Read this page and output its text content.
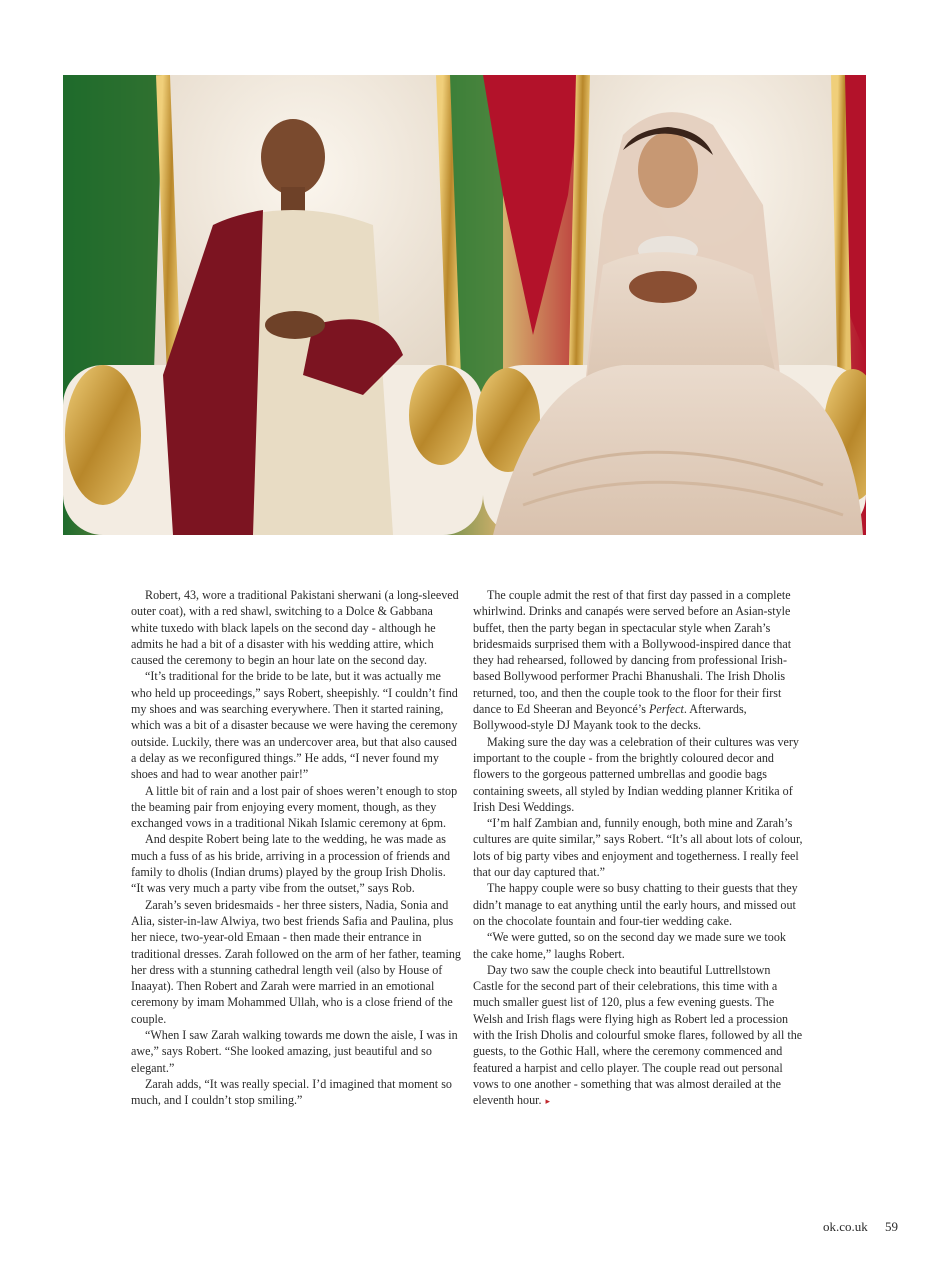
Robert, 43, wore a traditional Pakistani sherwani (a long-sleeved outer coat), with a red shawl, switching to a Dolce & Gabbana white tuxedo with black lapels on the second day - although he admits he had a bit of a disaster with his wedding attire, which caused the ceremony to begin an hour late on the second day.

“It’s traditional for the bride to be late, but it was actually me who held up proceedings,” says Robert, sheepishly. “I couldn’t find my shoes and was searching everywhere. Then it started raining, which was a bit of a disaster because we were having the ceremony outside. Luckily, there was an undercover area, but that also caused a delay as we reconfigured things.” He adds, “I never found my shoes and had to wear another pair!”

A little bit of rain and a lost pair of shoes weren’t enough to stop the beaming pair from enjoying every moment, though, as they exchanged vows in a traditional Nikah Islamic ceremony at 6pm.

And despite Robert being late to the wedding, he was made as much a fuss of as his bride, arriving in a procession of friends and family to dholis (Indian drums) played by the group Irish Dholis. “It was very much a party vibe from the outset,” says Rob.

Zarah’s seven bridesmaids - her three sisters, Nadia, Sonia and Alia, sister-in-law Alwiya, two best friends Safia and Paulina, plus her niece, two-year-old Emaan - then made their entrance in traditional dresses. Zarah followed on the arm of her father, teaming her dress with a stunning cathedral length veil (also by House of Inaayat). Then Robert and Zarah were married in an emotional ceremony by imam Mohammed Ullah, who is a close friend of the couple.

“When I saw Zarah walking towards me down the aisle, I was in awe,” says Robert. “She looked amazing, just beautiful and so elegant.”

Zarah adds, “It was really special. I’d imagined that moment so much, and I couldn’t stop smiling.”

The couple admit the rest of that first day passed in a complete whirlwind. Drinks and canapés were served before an Asian-style buffet, then the party began in spectacular style when Zarah’s bridesmaids surprised them with a Bollywood-inspired dance that they had rehearsed, followed by dancing from professional Irish-based Bollywood performer Prachi Bhanushali. The Irish Dholis returned, too, and then the couple took to the floor for their first dance to Ed Sheeran and Beyoncé’s Perfect. Afterwards, Bollywood-style DJ Mayank took to the decks.

Making sure the day was a celebration of their cultures was very important to the couple - from the brightly coloured decor and flowers to the gorgeous patterned umbrellas and goodie bags containing sweets, all styled by Indian wedding planner Kritika of Irish Desi Weddings.

“I’m half Zambian and, funnily enough, both mine and Zarah’s cultures are quite similar,” says Robert. “It’s all about lots of colour, lots of big party vibes and enjoyment and togetherness. I really feel that our day captured that.”

The happy couple were so busy chatting to their guests that they didn’t manage to eat anything until the early hours, and missed out on the chocolate fountain and four-tier wedding cake.

“We were gutted, so on the second day we made sure we took the cake home,” laughs Robert.

Day two saw the couple check into beautiful Luttrellstown Castle for the second part of their celebrations, this time with a much smaller guest list of 120, plus a few evening guests. The Welsh and Irish flags were flying high as Robert led a procession with the Irish Dholis and colourful smoke flares, followed by all the guests, to the Gothic Hall, where the ceremony commenced and featured a harpist and cello player. The couple read out personal vows to one another - something that was almost derailed at the eleventh hour. ▸

ok.co.uk 59
